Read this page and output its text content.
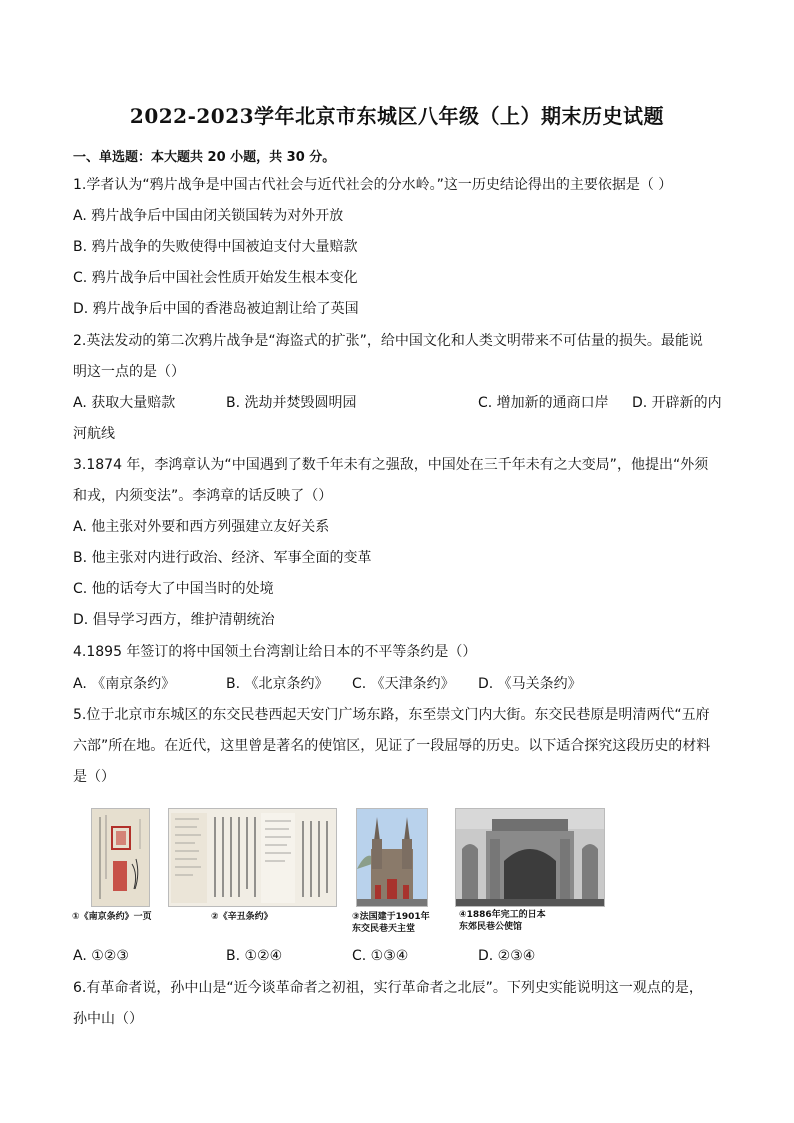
2022-2023学年北京市东城区八年级（上）期末历史试题
一、单选题：本大题共 20 小题，共 30 分。
1.学者认为“鸦片战争是中国古代社会与近代社会的分水岭。”这一历史结论得出的主要依据是（ ）
A. 鸦片战争后中国由闭关锁国转为对外开放
B. 鸦片战争的失败使得中国被迫支付大量赔款
C. 鸦片战争后中国社会性质开始发生根本变化
D. 鸦片战争后中国的香港岛被迫割让给了英国
2.英法发动的第二次鸦片战争是“海盗式的扩张”，给中国文化和人类文明带来不可估量的损失。最能说
明这一点的是（）
A. 获取大量赔款	B. 洗劫并焚毁圆明园	C. 增加新的通商口岸 D. 开辟新的内
河航线
3.1874 年，李鸿章认为“中国遇到了数千年未有之强敌，中国处在三千年未有之大变局”，他提出“外须
和戎，内须变法”。李鸿章的话反映了（）
A. 他主张对外要和西方列强建立友好关系
B. 他主张对内进行政治、经济、军事全面的变革
C. 他的话夸大了中国当时的处境
D. 倡导学习西方，维护清朝统治
4.1895 年签订的将中国领土台湾割让给日本的不平等条约是（）
A. 《南京条约》	B. 《北京条约》 C. 《天津条约》 D. 《马关条约》
5.位于北京市东城区的东交民巷西起天安门广场东路，东至崇文门内大街。东交民巷原是明清两代“五府
六部”所在地。在近代，这里曾是著名的使馆区，见证了一段屈辱的历史。以下适合探究这段历史的材料
是（）
①《南京条约》一页	②《辛丑条约》	③法国建于1901年
东交民巷天主堂
④1886年完工的日本
东郊民巷公使馆
A. ①②③	B. ①②④	C. ①③④	D. ②③④
6.有革命者说，孙中山是“近今谈革命者之初祖，实行革命者之北辰”。下列史实能说明这一观点的是，
孙中山（）
